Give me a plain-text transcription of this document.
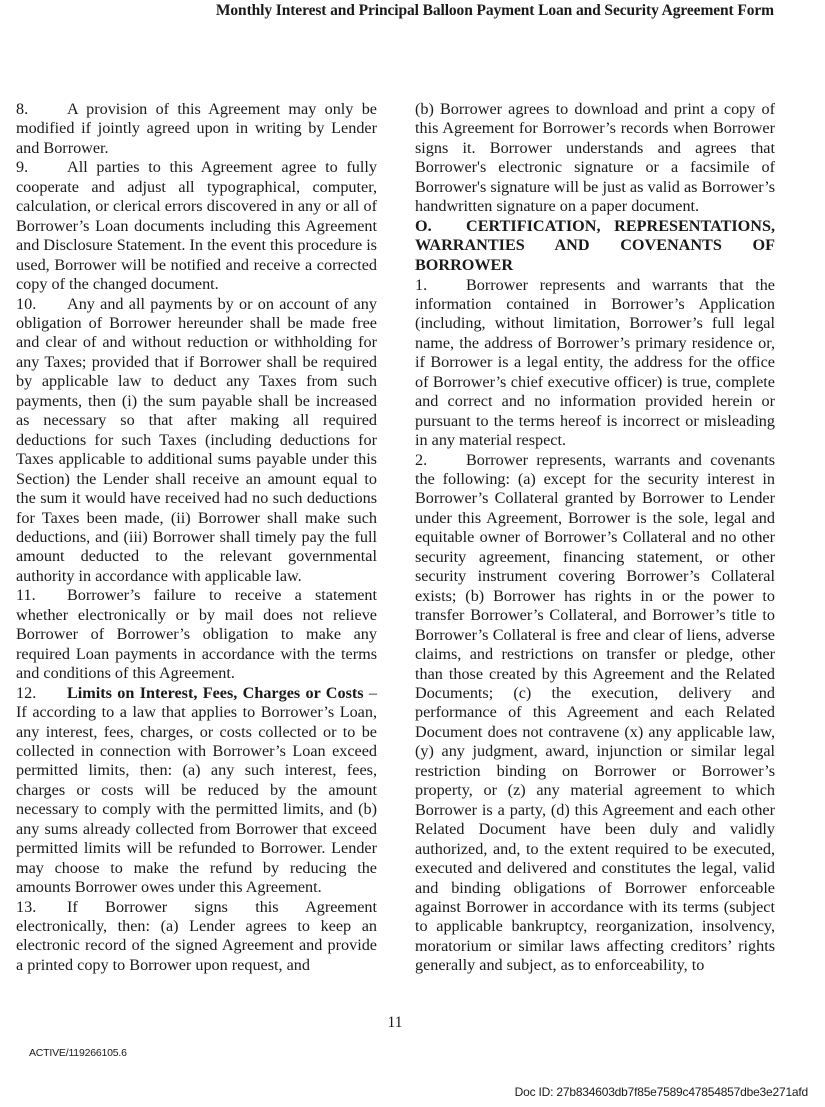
Monthly Interest and Principal Balloon Payment Loan and Security Agreement Form

8. A provision of this Agreement may only be modified if jointly agreed upon in writing by Lender and Borrower.

9. All parties to this Agreement agree to fully cooperate and adjust all typographical, computer, calculation, or clerical errors discovered in any or all of Borrower’s Loan documents including this Agreement and Disclosure Statement. In the event this procedure is used, Borrower will be notified and receive a corrected copy of the changed document.

10. Any and all payments by or on account of any obligation of Borrower hereunder shall be made free and clear of and without reduction or withholding for any Taxes; provided that if Borrower shall be required by applicable law to deduct any Taxes from such payments, then (i) the sum payable shall be increased as necessary so that after making all required deductions for such Taxes (including deductions for Taxes applicable to additional sums payable under this Section) the Lender shall receive an amount equal to the sum it would have received had no such deductions for Taxes been made, (ii) Borrower shall make such deductions, and (iii) Borrower shall timely pay the full amount deducted to the relevant governmental authority in accordance with applicable law.

11. Borrower’s failure to receive a statement whether electronically or by mail does not relieve Borrower of Borrower’s obligation to make any required Loan payments in accordance with the terms and conditions of this Agreement.

12. Limits on Interest, Fees, Charges or Costs – If according to a law that applies to Borrower’s Loan, any interest, fees, charges, or costs collected or to be collected in connection with Borrower’s Loan exceed permitted limits, then: (a) any such interest, fees, charges or costs will be reduced by the amount necessary to comply with the permitted limits, and (b) any sums already collected from Borrower that exceed permitted limits will be refunded to Borrower. Lender may choose to make the refund by reducing the amounts Borrower owes under this Agreement.

13. If Borrower signs this Agreement electronically, then: (a) Lender agrees to keep an electronic record of the signed Agreement and provide a printed copy to Borrower upon request, and

(b) Borrower agrees to download and print a copy of this Agreement for Borrower’s records when Borrower signs it. Borrower understands and agrees that Borrower's electronic signature or a facsimile of Borrower's signature will be just as valid as Borrower’s handwritten signature on a paper document.

O. CERTIFICATION, REPRESENTATIONS, WARRANTIES AND COVENANTS OF BORROWER

1. Borrower represents and warrants that the information contained in Borrower’s Application (including, without limitation, Borrower’s full legal name, the address of Borrower’s primary residence or, if Borrower is a legal entity, the address for the office of Borrower’s chief executive officer) is true, complete and correct and no information provided herein or pursuant to the terms hereof is incorrect or misleading in any material respect.

2. Borrower represents, warrants and covenants the following: (a) except for the security interest in Borrower’s Collateral granted by Borrower to Lender under this Agreement, Borrower is the sole, legal and equitable owner of Borrower’s Collateral and no other security agreement, financing statement, or other security instrument covering Borrower’s Collateral exists; (b) Borrower has rights in or the power to transfer Borrower’s Collateral, and Borrower’s title to Borrower’s Collateral is free and clear of liens, adverse claims, and restrictions on transfer or pledge, other than those created by this Agreement and the Related Documents; (c) the execution, delivery and performance of this Agreement and each Related Document does not contravene (x) any applicable law, (y) any judgment, award, injunction or similar legal restriction binding on Borrower or Borrower’s property, or (z) any material agreement to which Borrower is a party, (d) this Agreement and each other Related Document have been duly and validly authorized, and, to the extent required to be executed, executed and delivered and constitutes the legal, valid and binding obligations of Borrower enforceable against Borrower in accordance with its terms (subject to applicable bankruptcy, reorganization, insolvency, moratorium or similar laws affecting creditors’ rights generally and subject, as to enforceability, to

11
ACTIVE/119266105.6
Doc ID: 27b834603db7f85e7589c47854857dbe3e271afd
